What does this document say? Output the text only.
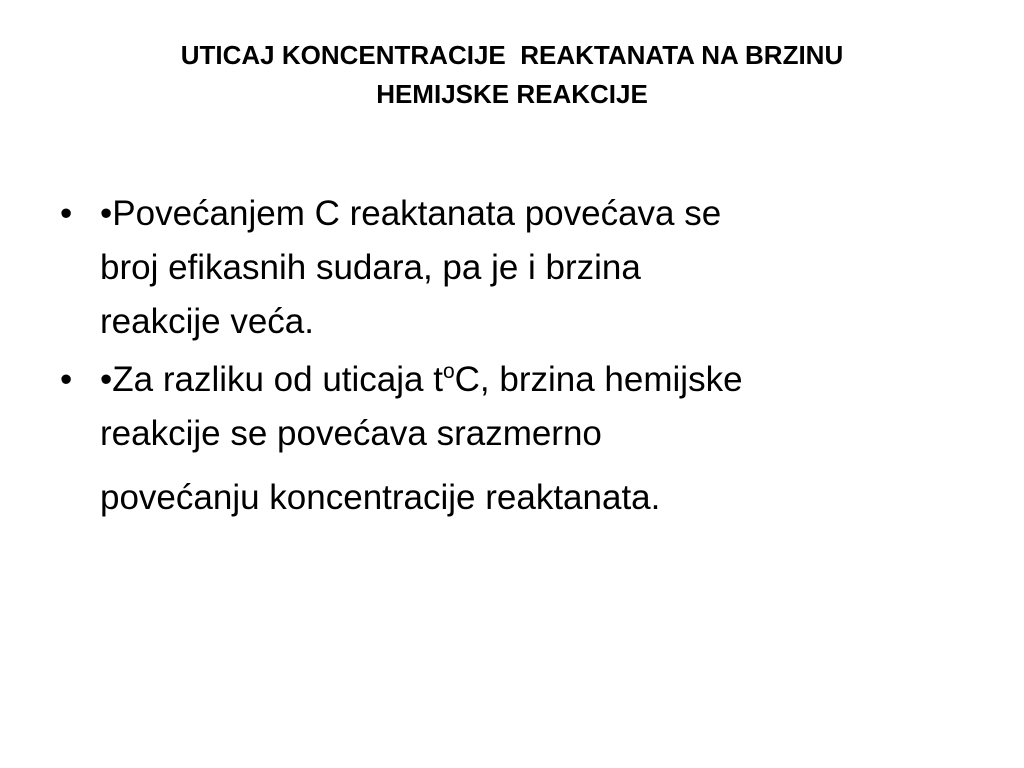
UTICAJ KONCENTRACIJE  REAKTANATA NA BRZINU
HEMIJSKE REAKCIJE
• •Povećanjem C reaktanata povećava se
broj efikasnih sudara, pa je i brzina
reakcije veća.
• •Za razliku od uticaja $t^oC$, brzina hemijske
reakcije se povećava srazmerno
povećanju koncentracije reaktanata.
